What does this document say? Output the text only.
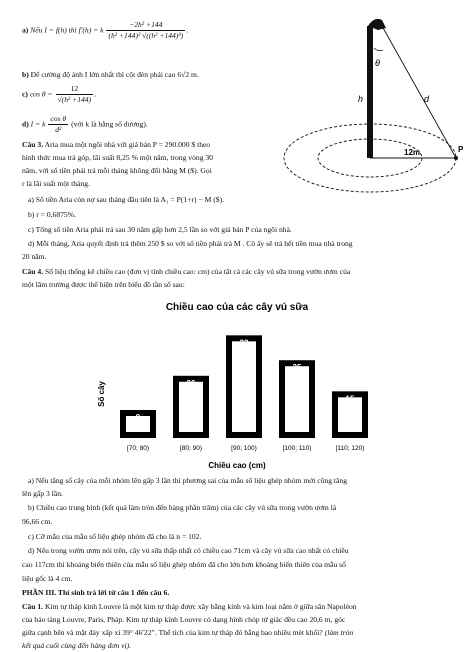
a) Nếu I = f(h) thì f′(h) = k $\frac{\text{−2h² +144}}{\text{(h² +144)² √((h² +144)³)}}$ .
b) Để cường độ ánh I lớn nhất thì cột đèn phải cao 6√2 m.
c) $\cos \theta = \frac{12}{\text{√(h² +144)}}$ .
d) I = k $\frac{\text{cos θ}}{\text{d²}}$ (với k là hằng số dương).
θ
h	d
12m	P
Câu 3. Aria mua một ngôi nhà với giá bán P = 290.000 $ theo
hình thức mua trả góp, lãi suất 8,25 % một năm, trong vòng 30
năm, với số tiền phải trả mỗi tháng không đổi bằng M ($). Gọi
r là lãi suất một tháng.
a) Số tiền Aria còn nợ sau tháng đầu tiên là A₁ = P(1+r) − M ($).
b) r = 0,6875%.
c) Tổng số tiền Aria phải trả sau 30 năm gấp hơn 2,5 lần so với giá bán P của ngôi nhà.
d) Mỗi tháng, Aria quyết định trả thêm 250 $ so với số tiền phải trả M . Cô ấy sẽ trả hết tiền mua nhà trong
20 năm.
Câu 4. Số liệu thống kê chiều cao (đơn vị tính chiều cao: cm) của tất cả các cây vú sữa trong vườn ươm của
một lâm trường được thể hiện trên biểu đồ tần số sau:
Chiều cao của các cây vú sữa
Số cây
Chiều cao (cm)
9
[70; 80)
20
[80; 90)
33
[90; 100)
25
[100; 110)
15
[110; 120)
a) Nếu tăng số cây của mỗi nhóm lên gấp 3 lần thì phương sai của mẫu số liệu ghép nhóm mới cũng tăng
lên gấp 3 lần.
b) Chiều cao trung bình (kết quả làm tròn đến hàng phần trăm) của các cây vú sữa trong vườn ươm là
96,66 cm.
c) Cỡ mẫu của mẫu số liệu ghép nhóm đã cho là n = 102.
d) Nếu trong vườn ươm nói trên, cây vú sữa thấp nhất có chiều cao 71cm và cây vú sữa cao nhất có chiều
cao 117cm thì khoảng biến thiên của mẫu số liệu ghép nhóm đã cho lớn hơn khoảng biến thiên của mẫu số
liệu gốc là 4 cm.
PHẦN III. Thí sinh trả lời từ câu 1 đến câu 6.
Câu 1. Kim tự tháp kính Louvre là một kim tự tháp được xây bằng kính và kim loại nằm ở giữa sân Napoléon
của bảo tàng Louvre, Paris, Pháp. Kim tự tháp kính Louvre có dạng hình chóp tứ giác đều cao 20,6 m, góc
giữa cạnh bên và mặt đáy xấp xỉ 39° 46′22′′. Thể tích của kim tự tháp đó bằng bao nhiêu mét khối? (làm tròn
kết quả cuối cùng đến hàng đơn vị).
